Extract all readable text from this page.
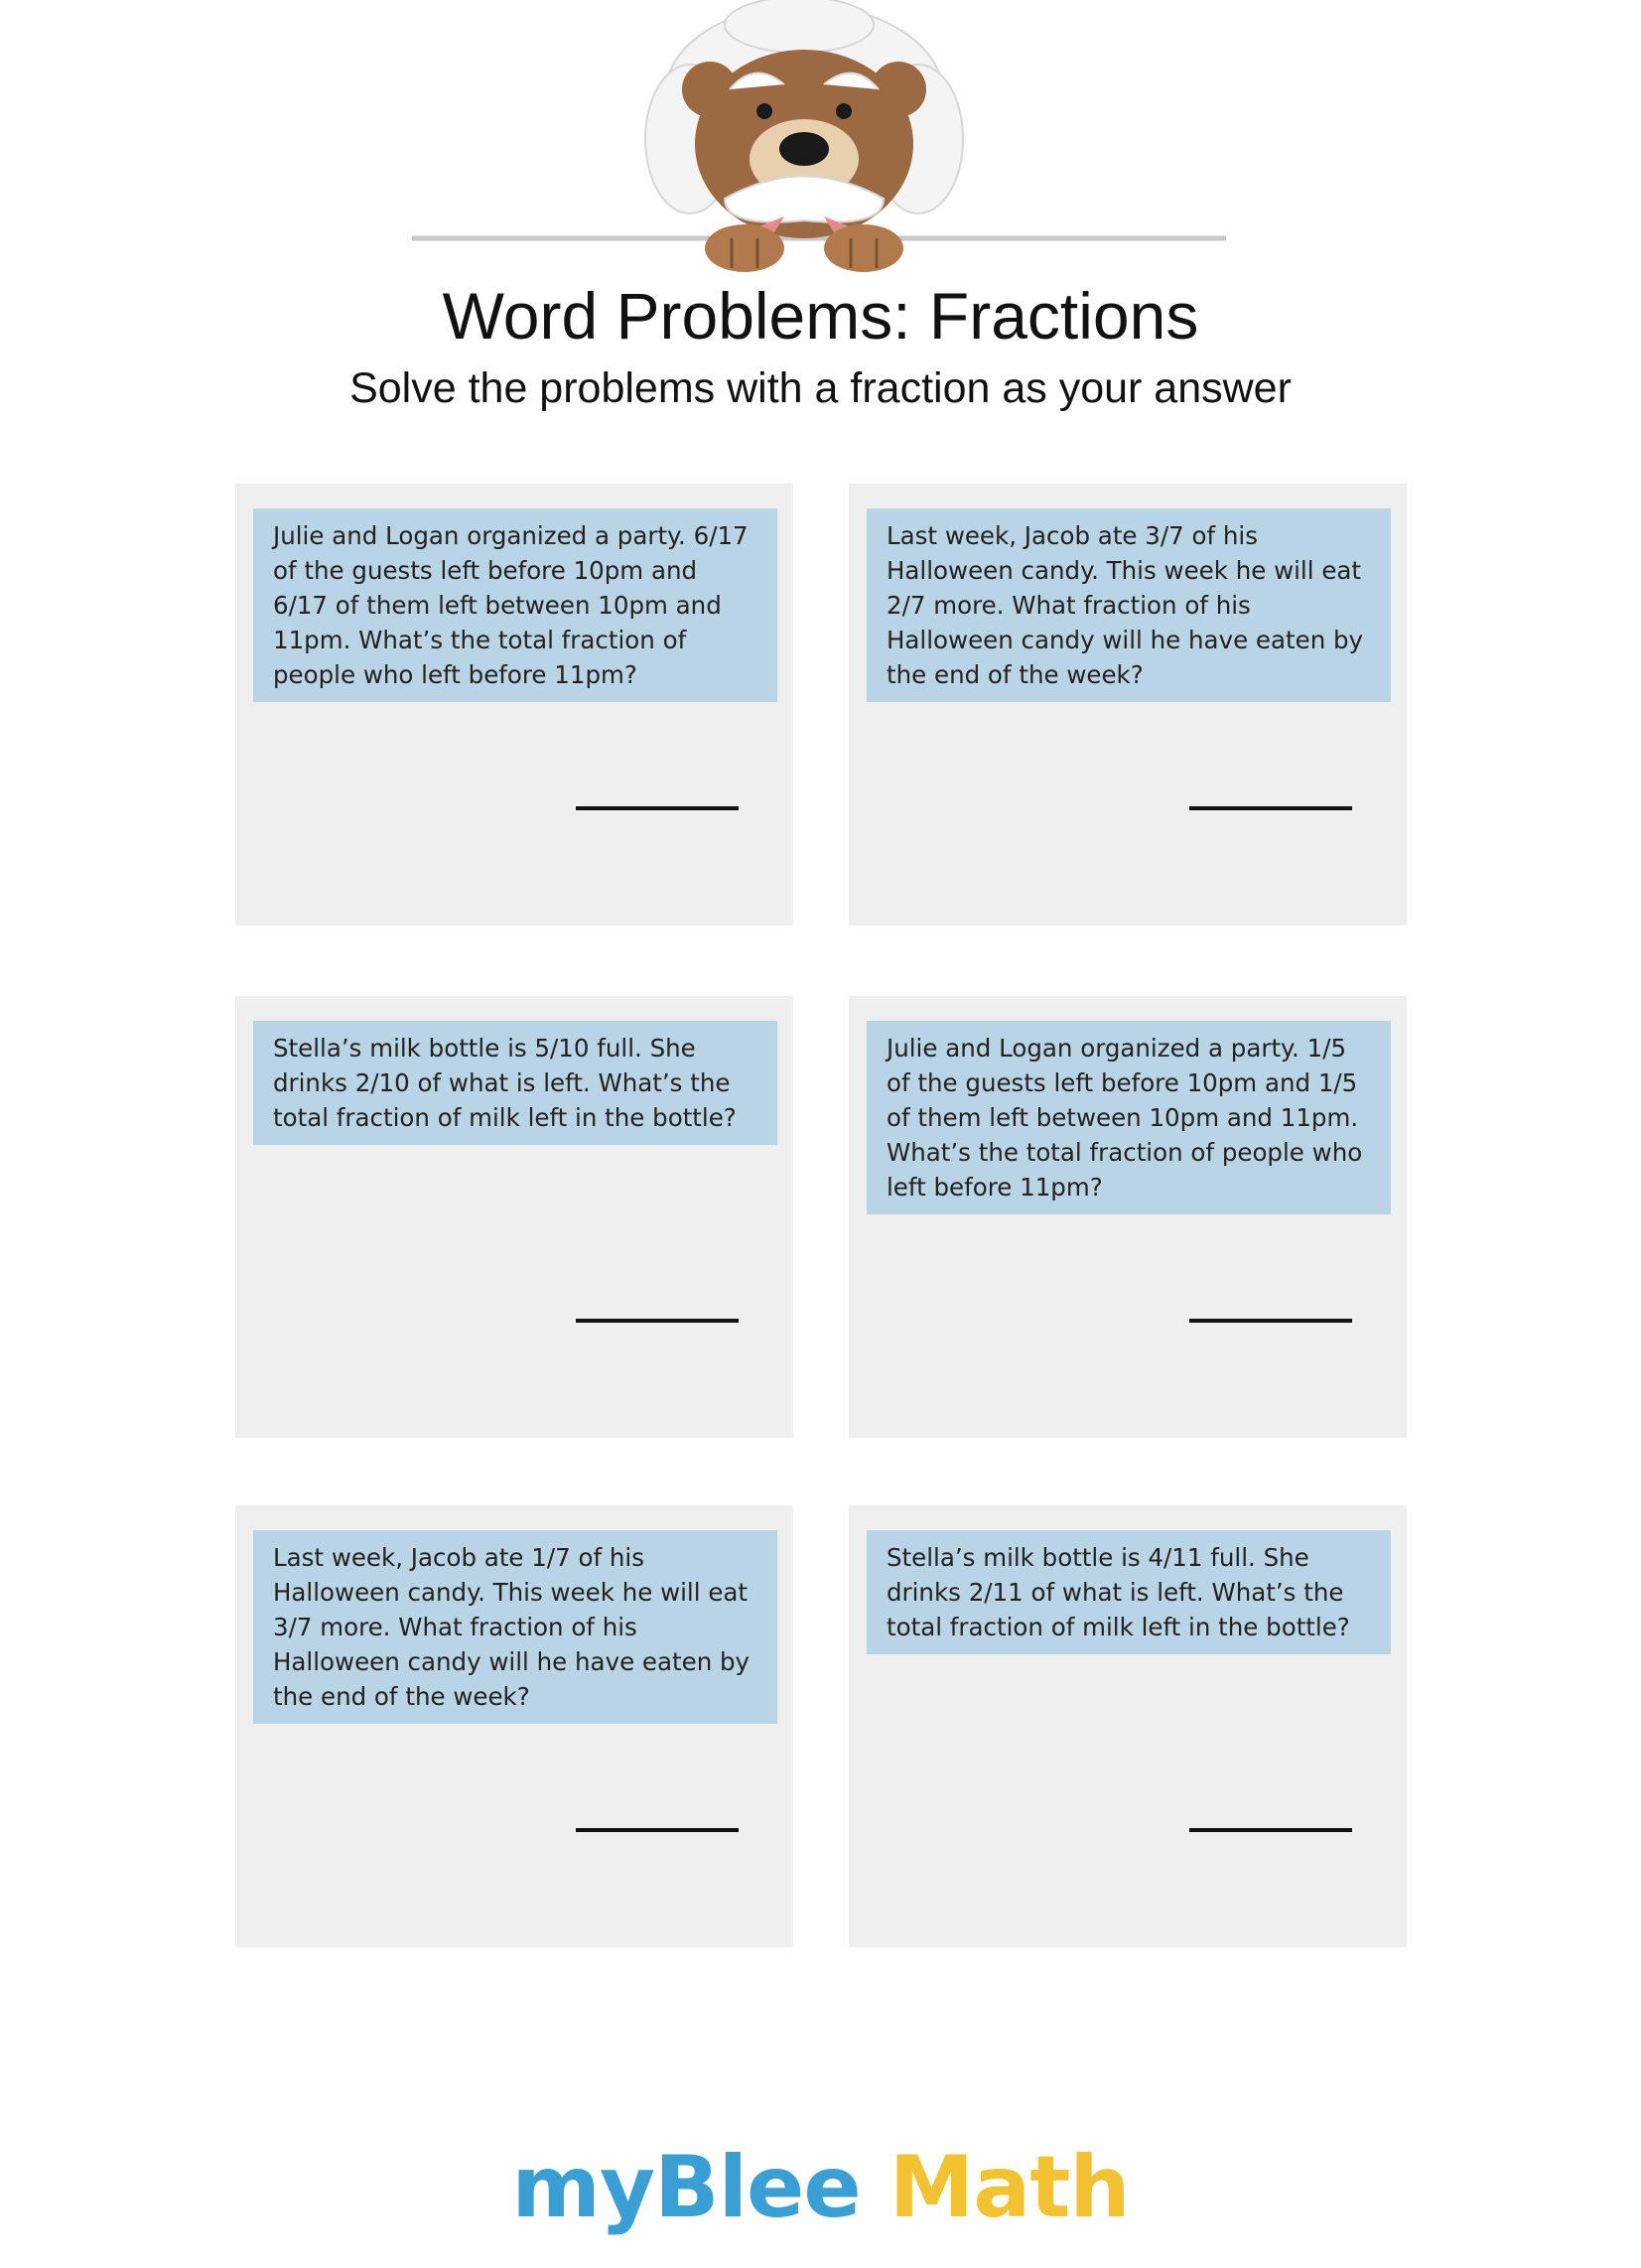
Word Problems: Fractions
Solve the problems with a fraction as your answer
Julie and Logan organized a party. 6/17 of the guests left before 10pm and 6/17 of them left between 10pm and 11pm. What’s the total fraction of people who left before 11pm?
Last week, Jacob ate 3/7 of his Halloween candy. This week he will eat 2/7 more. What fraction of his Halloween candy will he have eaten by the end of the week?
Stella’s milk bottle is 5/10 full. She drinks 2/10 of what is left. What’s the total fraction of milk left in the bottle?
Julie and Logan organized a party. 1/5 of the guests left before 10pm and 1/5 of them left between 10pm and 11pm. What’s the total fraction of people who left before 11pm?
Last week, Jacob ate 1/7 of his Halloween candy. This week he will eat 3/7 more. What fraction of his Halloween candy will he have eaten by the end of the week?
Stella’s milk bottle is 4/11 full. She drinks 2/11 of what is left. What’s the total fraction of milk left in the bottle?
myBlee Math
